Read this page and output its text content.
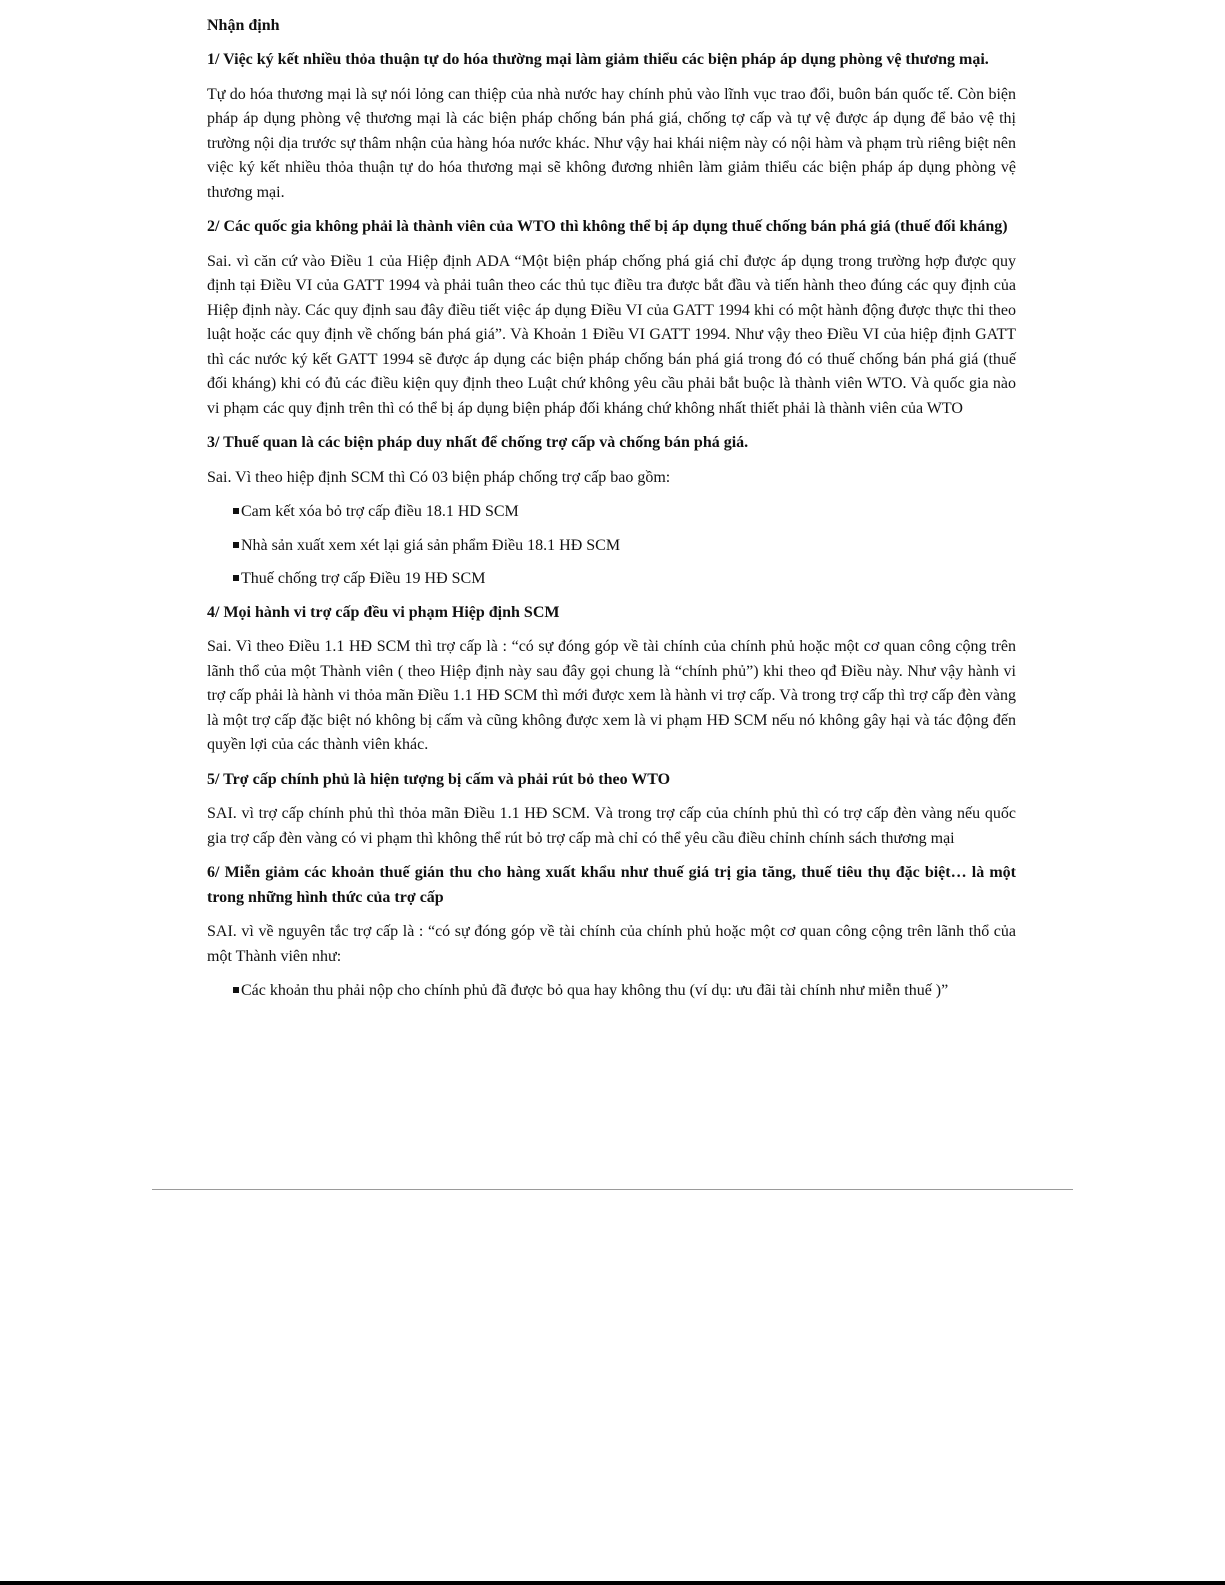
Nhận định

1/ Việc ký kết nhiều thỏa thuận tự do hóa thường mại làm giảm thiểu các biện pháp áp dụng phòng vệ thương mại.

Tự do hóa thương mại là sự nói lỏng can thiệp của nhà nước hay chính phủ vào lĩnh vục trao đổi, buôn bán quốc tế. Còn biện pháp áp dụng phòng vệ thương mại là các biện pháp chống bán phá giá, chống tợ cấp và tự vệ được áp dụng để bảo vệ thị trường nội dịa trước sự thâm nhận của hàng hóa nước khác. Như vậy hai khái niệm này có nội hàm và phạm trù riêng biệt nên việc ký kết nhiều thỏa thuận tự do hóa thương mại sẽ không đương nhiên làm giảm thiểu các biện pháp áp dụng phòng vệ thương mại.

2/ Các quốc gia không phải là thành viên của WTO thì không thể bị áp dụng thuế chống bán phá giá (thuế đối kháng)

Sai. vì căn cứ vào Điều 1 của Hiệp định ADA “Một biện pháp chống phá giá chỉ được áp dụng trong trường hợp được quy định tại Điều VI của GATT 1994 và phải tuân theo các thủ tục điều tra được bắt đầu và tiến hành theo đúng các quy định của Hiệp định này. Các quy định sau đây điều tiết việc áp dụng Điều VI của GATT 1994 khi có một hành động được thực thi theo luật hoặc các quy định về chống bán phá giá”. Và Khoản 1 Điều VI GATT 1994. Như vậy theo Điều VI của hiệp định GATT thì các nước ký kết GATT 1994 sẽ được áp dụng các biện pháp chống bán phá giá trong đó có thuế chống bán phá giá (thuế đối kháng) khi có đủ các điều kiện quy định theo Luật chứ không yêu cầu phải bắt buộc là thành viên WTO. Và quốc gia nào vi phạm các quy định trên thì có thể bị áp dụng biện pháp đối kháng chứ không nhất thiết phải là thành viên của WTO

3/ Thuế quan là các biện pháp duy nhất để chống trợ cấp và chống bán phá giá.

Sai. Vì theo hiệp định SCM thì Có 03 biện pháp chống trợ cấp bao gồm:

Cam kết xóa bỏ trợ cấp điều 18.1 HD SCM
Nhà sản xuất xem xét lại giá sản phẩm Điều 18.1 HĐ SCM
Thuế chống trợ cấp Điều 19 HĐ SCM

4/ Mọi hành vi trợ cấp đều vi phạm Hiệp định SCM

Sai. Vì theo Điều 1.1 HĐ SCM thì trợ cấp là : “có sự đóng góp về tài chính của chính phủ hoặc một cơ quan công cộng trên lãnh thổ của một Thành viên ( theo Hiệp định này sau đây gọi chung là “chính phủ”) khi theo qđ Điều này. Như vậy hành vi trợ cấp phải là hành vi thỏa mãn Điều 1.1 HĐ SCM thì mới được xem là hành vi trợ cấp. Và trong trợ cấp thì trợ cấp đèn vàng là một trợ cấp đặc biệt nó không bị cấm và cũng không được xem là vi phạm HĐ SCM nếu nó không gây hại và tác động đến quyền lợi của các thành viên khác.

5/ Trợ cấp chính phủ là hiện tượng bị cấm và phải rút bỏ theo WTO

SAI. vì trợ cấp chính phủ thì thỏa mãn Điều 1.1 HĐ SCM. Và trong trợ cấp của chính phủ thì có trợ cấp đèn vàng nếu quốc gia trợ cấp đèn vàng có vi phạm thì không thể rút bỏ trợ cấp mà chỉ có thể yêu cầu điều chỉnh chính sách thương mại

6/ Miễn giảm các khoản thuế gián thu cho hàng xuất khẩu như thuế giá trị gia tăng, thuế tiêu thụ đặc biệt… là một trong những hình thức của trợ cấp

SAI. vì về nguyên tắc trợ cấp là : “có sự đóng góp về tài chính của chính phủ hoặc một cơ quan công cộng trên lãnh thổ của một Thành viên như:

Các khoản thu phải nộp cho chính phủ đã được bỏ qua hay không thu (ví dụ: ưu đãi tài chính như miễn thuế )”
